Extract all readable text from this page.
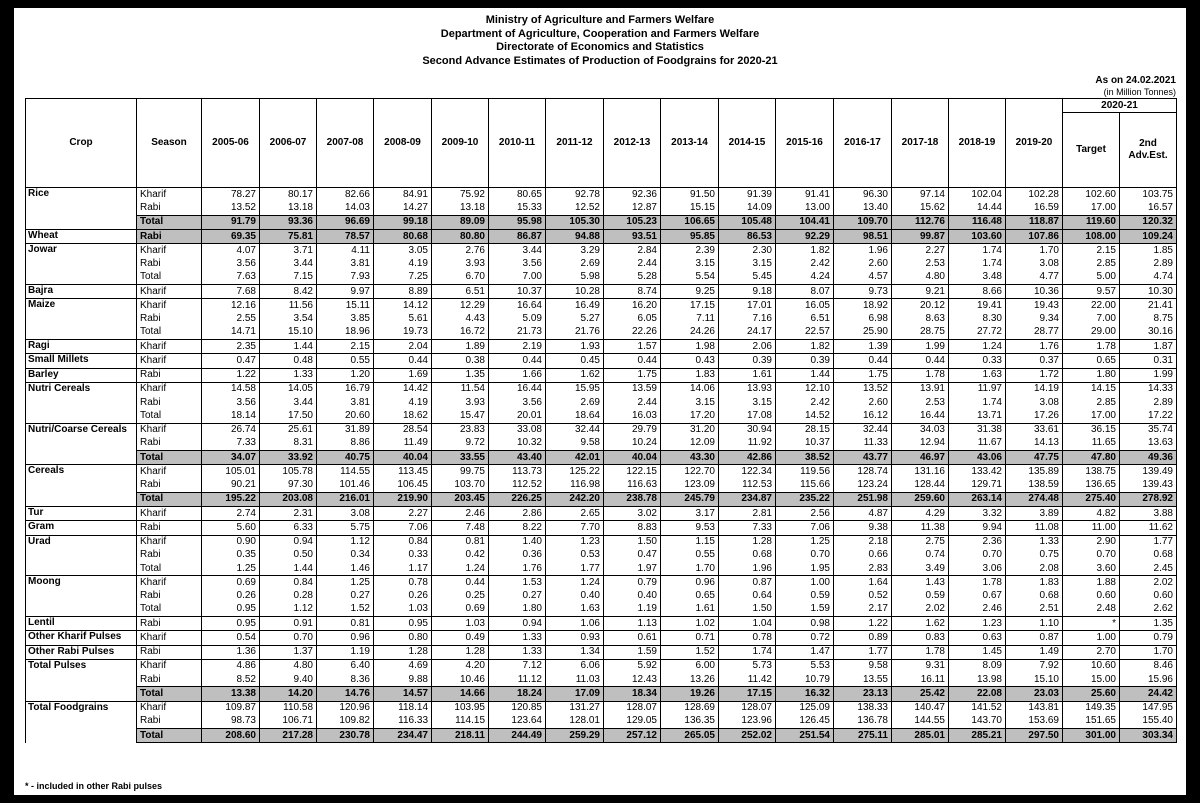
Ministry of Agriculture and Farmers Welfare
Department of Agriculture, Cooperation and Farmers Welfare
Directorate of Economics and Statistics
Second Advance Estimates of Production of Foodgrains for 2020-21
As on 24.02.2021
(in Million Tonnes)
Crop	Season	2005-06	2006-07	2007-08	2008-09	2009-10	2010-11	2011-12	2012-13	2013-14	2014-15	2015-16	2016-17	2017-18	2018-19	2019-20	2020-21	
																	Target	2nd Adv.Est.
Rice	Kharif	78.27	80.17	82.66	84.91	75.92	80.65	92.78	92.36	91.50	91.39	91.41	96.30	97.14	102.04	102.28	102.60	103.75
	Rabi	13.52	13.18	14.03	14.27	13.18	15.33	12.52	12.87	15.15	14.09	13.00	13.40	15.62	14.44	16.59	17.00	16.57
	Total	91.79	93.36	96.69	99.18	89.09	95.98	105.30	105.23	106.65	105.48	104.41	109.70	112.76	116.48	118.87	119.60	120.32
Wheat	Rabi	69.35	75.81	78.57	80.68	80.80	86.87	94.88	93.51	95.85	86.53	92.29	98.51	99.87	103.60	107.86	108.00	109.24
Jowar	Kharif	4.07	3.71	4.11	3.05	2.76	3.44	3.29	2.84	2.39	2.30	1.82	1.96	2.27	1.74	1.70	2.15	1.85
	Rabi	3.56	3.44	3.81	4.19	3.93	3.56	2.69	2.44	3.15	3.15	2.42	2.60	2.53	1.74	3.08	2.85	2.89
	Total	7.63	7.15	7.93	7.25	6.70	7.00	5.98	5.28	5.54	5.45	4.24	4.57	4.80	3.48	4.77	5.00	4.74
Bajra	Kharif	7.68	8.42	9.97	8.89	6.51	10.37	10.28	8.74	9.25	9.18	8.07	9.73	9.21	8.66	10.36	9.57	10.30
Maize	Kharif	12.16	11.56	15.11	14.12	12.29	16.64	16.49	16.20	17.15	17.01	16.05	18.92	20.12	19.41	19.43	22.00	21.41
	Rabi	2.55	3.54	3.85	5.61	4.43	5.09	5.27	6.05	7.11	7.16	6.51	6.98	8.63	8.30	9.34	7.00	8.75
	Total	14.71	15.10	18.96	19.73	16.72	21.73	21.76	22.26	24.26	24.17	22.57	25.90	28.75	27.72	28.77	29.00	30.16
Ragi	Kharif	2.35	1.44	2.15	2.04	1.89	2.19	1.93	1.57	1.98	2.06	1.82	1.39	1.99	1.24	1.76	1.78	1.87
Small Millets	Kharif	0.47	0.48	0.55	0.44	0.38	0.44	0.45	0.44	0.43	0.39	0.39	0.44	0.44	0.33	0.37	0.65	0.31
Barley	Rabi	1.22	1.33	1.20	1.69	1.35	1.66	1.62	1.75	1.83	1.61	1.44	1.75	1.78	1.63	1.72	1.80	1.99
Nutri Cereals	Kharif	14.58	14.05	16.79	14.42	11.54	16.44	15.95	13.59	14.06	13.93	12.10	13.52	13.91	11.97	14.19	14.15	14.33
	Rabi	3.56	3.44	3.81	4.19	3.93	3.56	2.69	2.44	3.15	3.15	2.42	2.60	2.53	1.74	3.08	2.85	2.89
	Total	18.14	17.50	20.60	18.62	15.47	20.01	18.64	16.03	17.20	17.08	14.52	16.12	16.44	13.71	17.26	17.00	17.22
Nutri/Coarse Cereals	Kharif	26.74	25.61	31.89	28.54	23.83	33.08	32.44	29.79	31.20	30.94	28.15	32.44	34.03	31.38	33.61	36.15	35.74
	Rabi	7.33	8.31	8.86	11.49	9.72	10.32	9.58	10.24	12.09	11.92	10.37	11.33	12.94	11.67	14.13	11.65	13.63
	Total	34.07	33.92	40.75	40.04	33.55	43.40	42.01	40.04	43.30	42.86	38.52	43.77	46.97	43.06	47.75	47.80	49.36
Cereals	Kharif	105.01	105.78	114.55	113.45	99.75	113.73	125.22	122.15	122.70	122.34	119.56	128.74	131.16	133.42	135.89	138.75	139.49
	Rabi	90.21	97.30	101.46	106.45	103.70	112.52	116.98	116.63	123.09	112.53	115.66	123.24	128.44	129.71	138.59	136.65	139.43
	Total	195.22	203.08	216.01	219.90	203.45	226.25	242.20	238.78	245.79	234.87	235.22	251.98	259.60	263.14	274.48	275.40	278.92
Tur	Kharif	2.74	2.31	3.08	2.27	2.46	2.86	2.65	3.02	3.17	2.81	2.56	4.87	4.29	3.32	3.89	4.82	3.88
Gram	Rabi	5.60	6.33	5.75	7.06	7.48	8.22	7.70	8.83	9.53	7.33	7.06	9.38	11.38	9.94	11.08	11.00	11.62
Urad	Kharif	0.90	0.94	1.12	0.84	0.81	1.40	1.23	1.50	1.15	1.28	1.25	2.18	2.75	2.36	1.33	2.90	1.77
	Rabi	0.35	0.50	0.34	0.33	0.42	0.36	0.53	0.47	0.55	0.68	0.70	0.66	0.74	0.70	0.75	0.70	0.68
	Total	1.25	1.44	1.46	1.17	1.24	1.76	1.77	1.97	1.70	1.96	1.95	2.83	3.49	3.06	2.08	3.60	2.45
Moong	Kharif	0.69	0.84	1.25	0.78	0.44	1.53	1.24	0.79	0.96	0.87	1.00	1.64	1.43	1.78	1.83	1.88	2.02
	Rabi	0.26	0.28	0.27	0.26	0.25	0.27	0.40	0.40	0.65	0.64	0.59	0.52	0.59	0.67	0.68	0.60	0.60
	Total	0.95	1.12	1.52	1.03	0.69	1.80	1.63	1.19	1.61	1.50	1.59	2.17	2.02	2.46	2.51	2.48	2.62
Lentil	Rabi	0.95	0.91	0.81	0.95	1.03	0.94	1.06	1.13	1.02	1.04	0.98	1.22	1.62	1.23	1.10	*	1.35
Other Kharif Pulses	Kharif	0.54	0.70	0.96	0.80	0.49	1.33	0.93	0.61	0.71	0.78	0.72	0.89	0.83	0.63	0.87	1.00	0.79
Other Rabi Pulses	Rabi	1.36	1.37	1.19	1.28	1.28	1.33	1.34	1.59	1.52	1.74	1.47	1.77	1.78	1.45	1.49	2.70	1.70
Total Pulses	Kharif	4.86	4.80	6.40	4.69	4.20	7.12	6.06	5.92	6.00	5.73	5.53	9.58	9.31	8.09	7.92	10.60	8.46
	Rabi	8.52	9.40	8.36	9.88	10.46	11.12	11.03	12.43	13.26	11.42	10.79	13.55	16.11	13.98	15.10	15.00	15.96
	Total	13.38	14.20	14.76	14.57	14.66	18.24	17.09	18.34	19.26	17.15	16.32	23.13	25.42	22.08	23.03	25.60	24.42
Total Foodgrains	Kharif	109.87	110.58	120.96	118.14	103.95	120.85	131.27	128.07	128.69	128.07	125.09	138.33	140.47	141.52	143.81	149.35	147.95
	Rabi	98.73	106.71	109.82	116.33	114.15	123.64	128.01	129.05	136.35	123.96	126.45	136.78	144.55	143.70	153.69	151.65	155.40
	Total	208.60	217.28	230.78	234.47	218.11	244.49	259.29	257.12	265.05	252.02	251.54	275.11	285.01	285.21	297.50	301.00	303.34
* - included in other Rabi pulses
